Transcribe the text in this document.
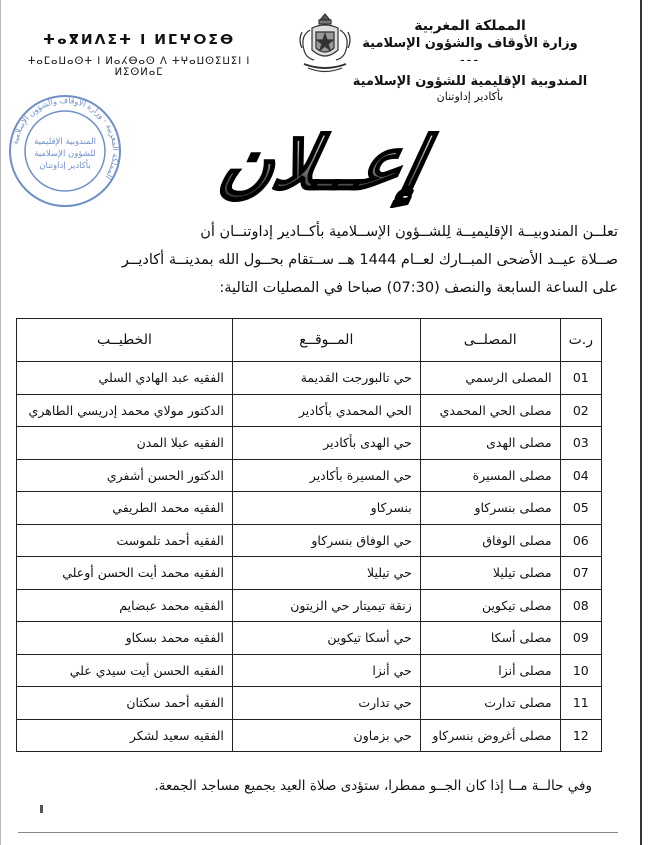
المملكة المغربية
وزارة الأوقاف والشؤون الإسلامية
---
المندوبية الإقليمية للشؤون الإسلامية
بأكادير إداوتنان
ⵜⴰⴳⵍⴷⵉⵜ ⵏ ⵍⵎⵖⵔⵉⴱ
ⵜⴰⵎⴰⵡⴰⵙⵜ ⵏ ⵍⴰⵃⴱⴰⵙ ⴷ ⵜⵖⴰⵡⵙⵉⵡⵉⵏ ⵏ ⵍⵉⵙⵍⴰⵎ
المملكة المغربية - وزارة الأوقاف والشؤون الإسلامية
المندوبية الإقليمية
للشؤون الإسلامية
بأكادير إداوتنان إعــلان
تعلــن المندوبيــة الإقليميــة لِلشــؤون الإســلامية بأكــادير إداوتنــان أن
صــلاة عيــد الأضحى المبــارك لعــام 1444 هــ ســتقام بحــول الله بمدينــة أكاديــر
على الساعة السابعة والنصف (07:30) صباحا في المصليات التالية:
ر.ت	المصلــى	المــوقــع	الخطيــب
01	المصلى الرسمي	حي تالبورجت القديمة	الفقيه عبد الهادي السلي
02	مصلى الحي المحمدي	الحي المحمدي بأكادير	الدكتور مولاي محمد إدريسي الطاهري
03	مصلى الهدى	حي الهدى بأكادير	الفقيه عبلا المدن
04	مصلى المسيرة	حي المسيرة بأكادير	الدكتور الحسن أشفري
05	مصلى بنسركاو	بنسركاو	الفقيه محمد الطريفي
06	مصلى الوفاق	حي الوفاق بنسركاو	الفقيه أحمد تلموست
07	مصلى تيليلا	حي تيليلا	الفقيه محمد أيت الحسن أوعلي
08	مصلى تيكوين	زنقة تيميتار حي الزيتون	الفقيه محمد عبضايم
09	مصلى أسكا	حي أسكا تيكوين	الفقيه محمد بسكاو
10	مصلى أنزا	حي أنزا	الفقيه الحسن أيت سيدي علي
11	مصلى تدارت	حي تدارت	الفقيه أحمد سكتان
12	مصلى أغروض بنسركاو	حي بزماون	الفقيه سعيد لشكر
وفي حالــة مــا إذا كان الجــو ممطرا، ستؤدى صلاة العيد بجميع مساجد الجمعة.
